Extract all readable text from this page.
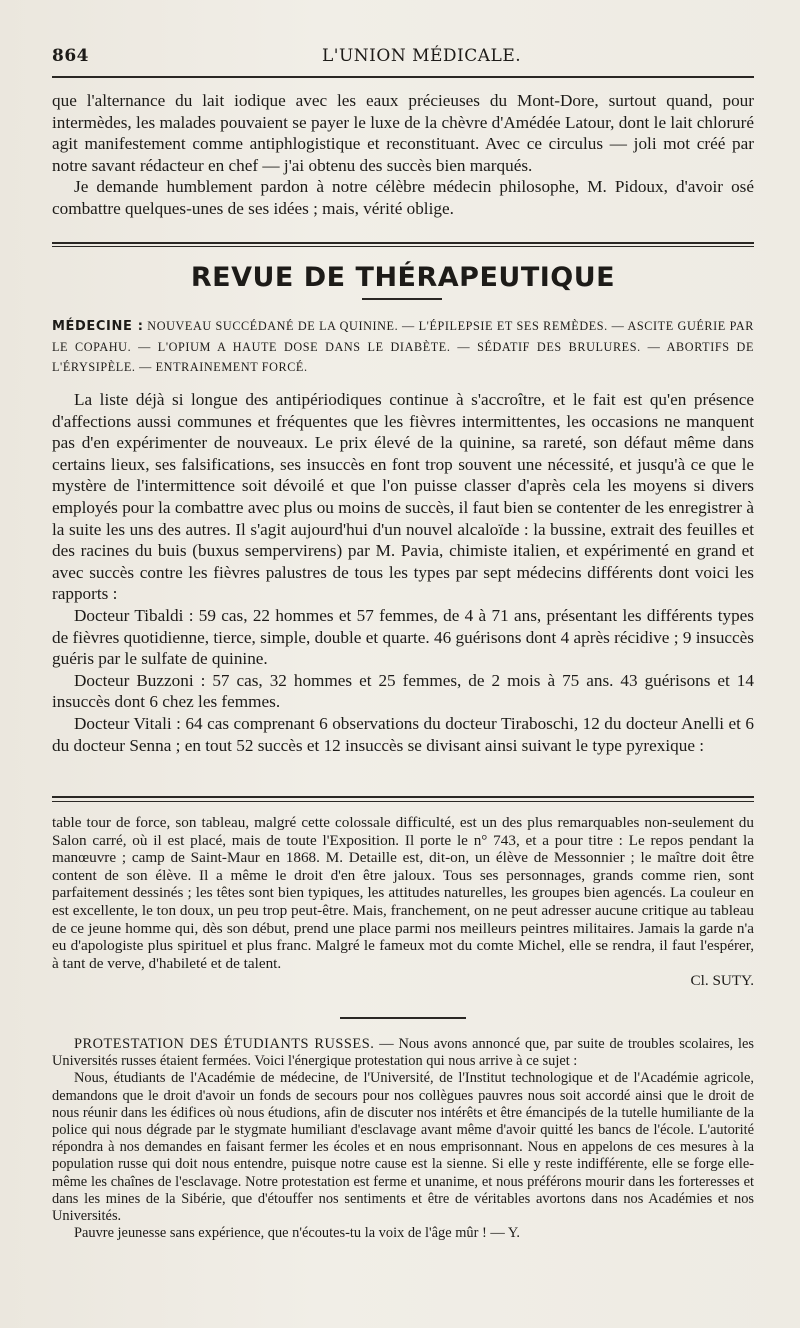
864	L'UNION MÉDICALE.

que l'alternance du lait iodique avec les eaux précieuses du Mont-Dore, surtout quand, pour intermèdes, les malades pouvaient se payer le luxe de la chèvre d'Amédée Latour, dont le lait chloruré agit manifestement comme antiphlogistique et reconstituant. Avec ce circulus — joli mot créé par notre savant rédacteur en chef — j'ai obtenu des succès bien marqués.

Je demande humblement pardon à notre célèbre médecin philosophe, M. Pidoux, d'avoir osé combattre quelques-unes de ses idées ; mais, vérité oblige.

REVUE DE THÉRAPEUTIQUE
MÉDECINE : NOUVEAU SUCCÉDANÉ DE LA QUININE. — L'ÉPILEPSIE ET SES REMÈDES. — ASCITE GUÉRIE PAR LE COPAHU. — L'OPIUM A HAUTE DOSE DANS LE DIABÈTE. — SÉDATIF DES BRULURES. — ABORTIFS DE L'ÉRYSIPÈLE. — ENTRAINEMENT FORCÉ.

La liste déjà si longue des antipériodiques continue à s'accroître, et le fait est qu'en présence d'affections aussi communes et fréquentes que les fièvres intermittentes, les occasions ne manquent pas d'en expérimenter de nouveaux. Le prix élevé de la quinine, sa rareté, son défaut même dans certains lieux, ses falsifications, ses insuccès en font trop souvent une nécessité, et jusqu'à ce que le mystère de l'intermittence soit dévoilé et que l'on puisse classer d'après cela les moyens si divers employés pour la combattre avec plus ou moins de succès, il faut bien se contenter de les enregistrer à la suite les uns des autres. Il s'agit aujourd'hui d'un nouvel alcaloïde : la bussine, extrait des feuilles et des racines du buis (buxus sempervirens) par M. Pavia, chimiste italien, et expérimenté en grand et avec succès contre les fièvres palustres de tous les types par sept médecins différents dont voici les rapports :

Docteur Tibaldi : 59 cas, 22 hommes et 57 femmes, de 4 à 71 ans, présentant les différents types de fièvres quotidienne, tierce, simple, double et quarte. 46 guérisons dont 4 après récidive ; 9 insuccès guéris par le sulfate de quinine.

Docteur Buzzoni : 57 cas, 32 hommes et 25 femmes, de 2 mois à 75 ans. 43 guérisons et 14 insuccès dont 6 chez les femmes.

Docteur Vitali : 64 cas comprenant 6 observations du docteur Tiraboschi, 12 du docteur Anelli et 6 du docteur Senna ; en tout 52 succès et 12 insuccès se divisant ainsi suivant le type pyrexique :

table tour de force, son tableau, malgré cette colossale difficulté, est un des plus remarquables non-seulement du Salon carré, où il est placé, mais de toute l'Exposition. Il porte le n° 743, et a pour titre : Le repos pendant la manœuvre ; camp de Saint-Maur en 1868. M. Detaille est, dit-on, un élève de Messonnier ; le maître doit être content de son élève. Il a même le droit d'en être jaloux. Tous ses personnages, grands comme rien, sont parfaitement dessinés ; les têtes sont bien typiques, les attitudes naturelles, les groupes bien agencés. La couleur en est excellente, le ton doux, un peu trop peut-être. Mais, franchement, on ne peut adresser aucune critique au tableau de ce jeune homme qui, dès son début, prend une place parmi nos meilleurs peintres militaires. Jamais la garde n'a eu d'apologiste plus spirituel et plus franc. Malgré le fameux mot du comte Michel, elle se rendra, il faut l'espérer, à tant de verve, d'habileté et de talent.

Cl. SUTY.

PROTESTATION DES ÉTUDIANTS RUSSES. — Nous avons annoncé que, par suite de troubles scolaires, les Universités russes étaient fermées. Voici l'énergique protestation qui nous arrive à ce sujet :

Nous, étudiants de l'Académie de médecine, de l'Université, de l'Institut technologique et de l'Académie agricole, demandons que le droit d'avoir un fonds de secours pour nos collègues pauvres nous soit accordé ainsi que le droit de nous réunir dans les édifices où nous étudions, afin de discuter nos intérêts et être émancipés de la tutelle humiliante de la police qui nous dégrade par le stygmate humiliant d'esclavage avant même d'avoir quitté les bancs de l'école. L'autorité répondra à nos demandes en faisant fermer les écoles et en nous emprisonnant. Nous en appelons de ces mesures à la population russe qui doit nous entendre, puisque notre cause est la sienne. Si elle y reste indifférente, elle se forge elle-même les chaînes de l'esclavage. Notre protestation est ferme et unanime, et nous préférons mourir dans les forteresses et dans les mines de la Sibérie, que d'étouffer nos sentiments et être de véritables avortons dans nos Académies et nos Universités.

Pauvre jeunesse sans expérience, que n'écoutes-tu la voix de l'âge mûr ! — Y.
